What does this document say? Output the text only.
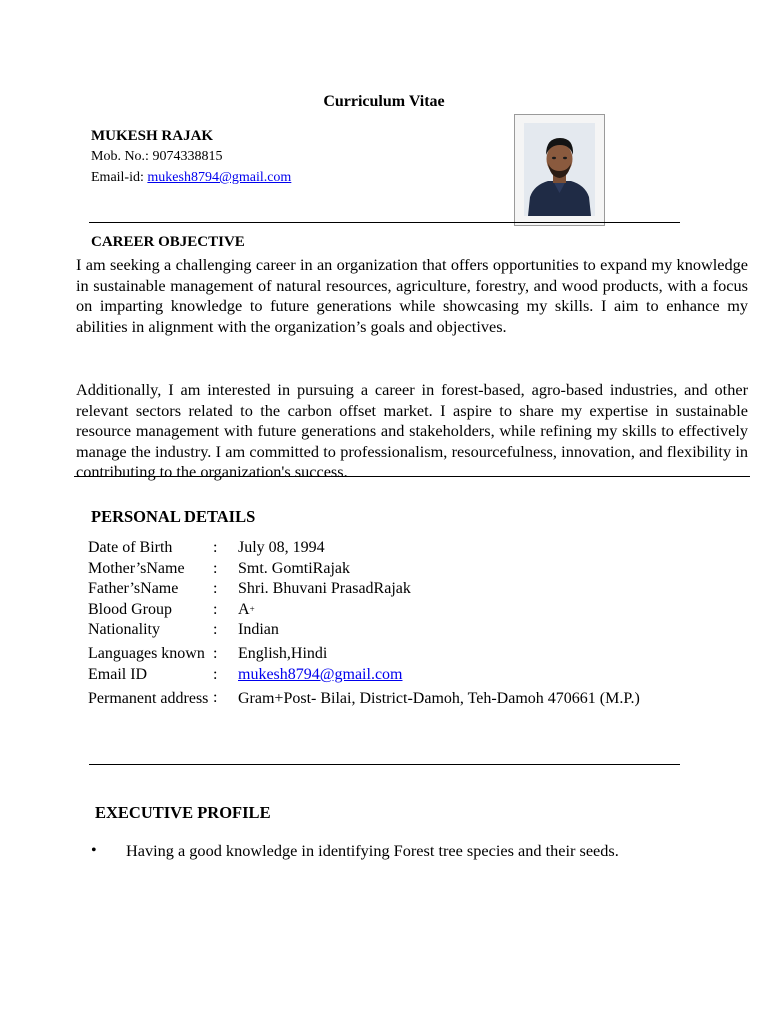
Curriculum Vitae
MUKESH RAJAK
Mob. No.: 9074338815
Email-id: mukesh8794@gmail.com
CAREER OBJECTIVE
I am seeking a challenging career in an organization that offers opportunities to expand my knowledge in sustainable management of natural resources, agriculture, forestry, and wood products, with a focus on imparting knowledge to future generations while showcasing my skills. I aim to enhance my abilities in alignment with the organization’s goals and objectives.
Additionally, I am interested in pursuing a career in forest-based, agro-based industries, and other relevant sectors related to the carbon offset market. I aspire to share my expertise in sustainable resource management with future generations and stakeholders, while refining my skills to effectively manage the industry. I am committed to professionalism, resourcefulness, innovation, and flexibility in contributing to the organization's success.
PERSONAL DETAILS
Date of Birth	:	July 08, 1994
Mother’sName	:	Smt. GomtiRajak
Father’sName	:	Shri. Bhuvani PrasadRajak
Blood Group	:	A+
Nationality	:	Indian
Languages known	:	English,Hindi
Email ID	:	mukesh8794@gmail.com
Permanent address	:	Gram+Post- Bilai, District-Damoh, Teh-Damoh 470661 (M.P.)
EXECUTIVE PROFILE
• Having a good knowledge in identifying Forest tree species and their seeds.
